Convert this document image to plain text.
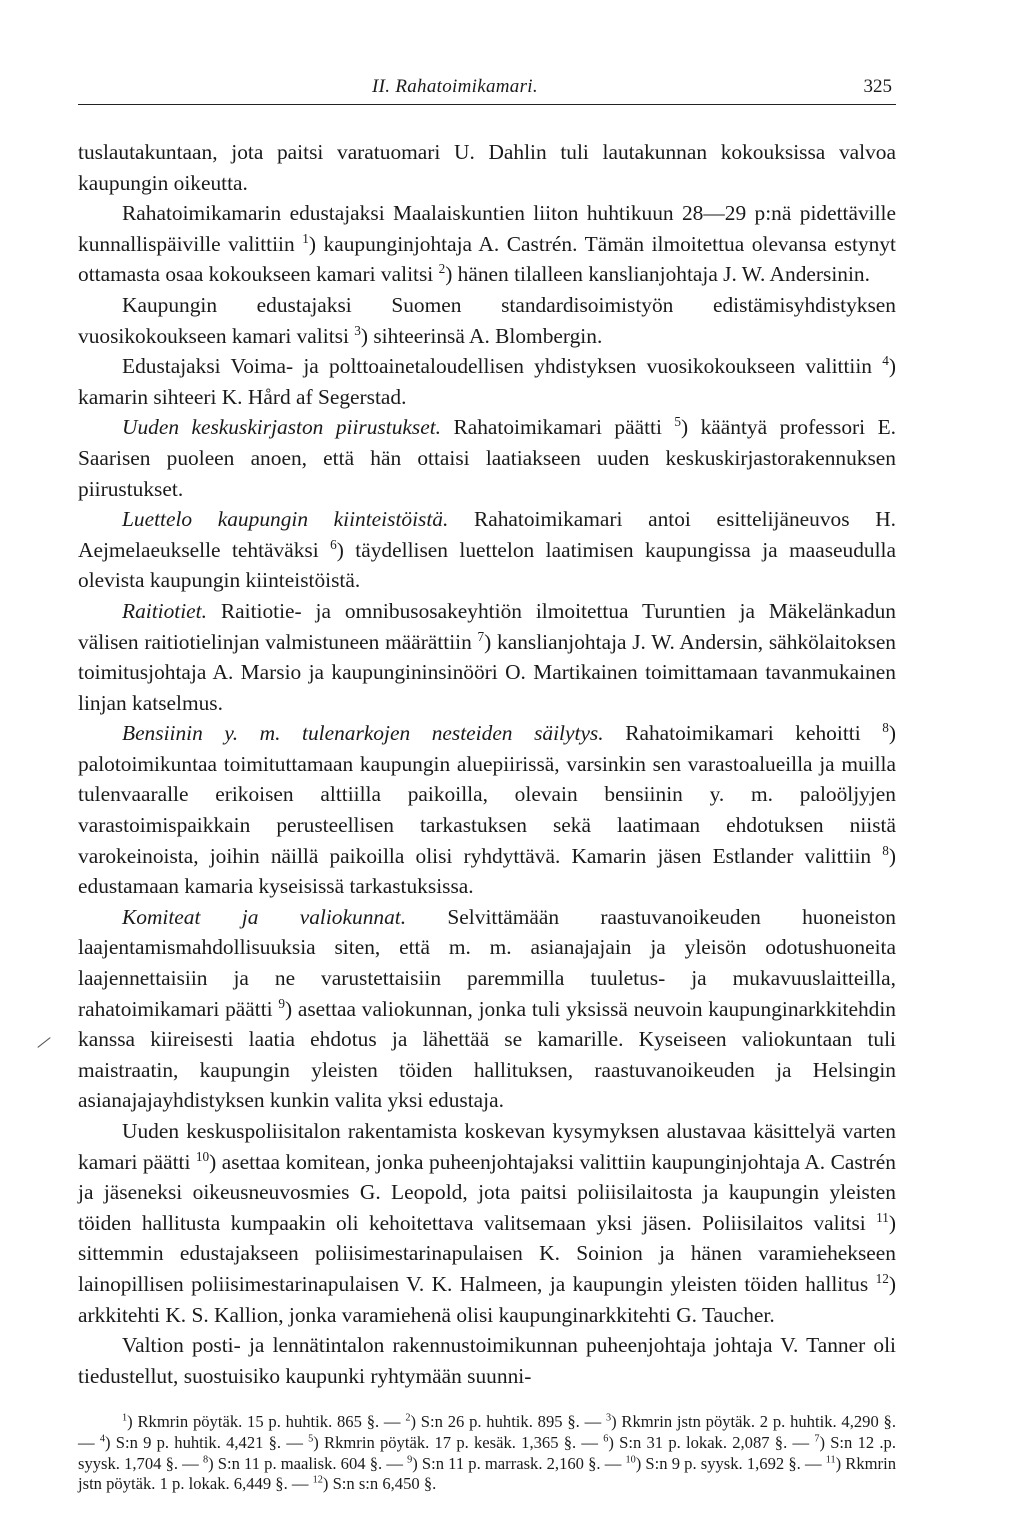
II. Rahatoimikamari.	325

tuslautakuntaan, jota paitsi varatuomari U. Dahlin tuli lautakunnan kokouksissa valvoa kaupungin oikeutta.

Rahatoimikamarin edustajaksi Maalaiskuntien liiton huhtikuun 28—29 p:nä pidettäville kunnallispäiville valittiin $^1$) kaupunginjohtaja A. Castrén. Tämän ilmoitettua olevansa estynyt ottamasta osaa kokoukseen kamari valitsi $^2$) hänen tilalleen kanslianjohtaja J. W. Andersinin.

Kaupungin edustajaksi Suomen standardisoimistyön edistämisyhdistyksen vuosikokoukseen kamari valitsi $^3$) sihteerinsä A. Blombergin.

Edustajaksi Voima- ja polttoainetaloudellisen yhdistyksen vuosikokoukseen valittiin $^4$) kamarin sihteeri K. Hård af Segerstad.

Uuden keskuskirjaston piirustukset. Rahatoimikamari päätti $^5$) kääntyä professori E. Saarisen puoleen anoen, että hän ottaisi laatiakseen uuden keskuskirjastorakennuksen piirustukset.

Luettelo kaupungin kiinteistöistä. Rahatoimikamari antoi esittelijäneuvos H. Aejmelaeukselle tehtäväksi $^6$) täydellisen luettelon laatimisen kaupungissa ja maaseudulla olevista kaupungin kiinteistöistä.

Raitiotiet. Raitiotie- ja omnibusosakeyhtiön ilmoitettua Turuntien ja Mäkelänkadun välisen raitiotielinjan valmistuneen määrättiin $^7$) kanslianjohtaja J. W. Andersin, sähkölaitoksen toimitusjohtaja A. Marsio ja kaupungininsinööri O. Martikainen toimittamaan tavanmukainen linjan katselmus.

Bensiinin y. m. tulenarkojen nesteiden säilytys. Rahatoimikamari kehoitti $^8$) palotoimikuntaa toimituttamaan kaupungin aluepiirissä, varsinkin sen varastoalueilla ja muilla tulenvaaralle erikoisen alttiilla paikoilla, olevain bensiinin y. m. paloöljyjen varastoimispaikkain perusteellisen tarkastuksen sekä laatimaan ehdotuksen niistä varokeinoista, joihin näillä paikoilla olisi ryhdyttävä. Kamarin jäsen Estlander valittiin $^8$) edustamaan kamaria kyseisissä tarkastuksissa.

Komiteat ja valiokunnat. Selvittämään raastuvanoikeuden huoneiston laajentamismahdollisuuksia siten, että m. m. asianajajain ja yleisön odotushuoneita laajennettaisiin ja ne varustettaisiin paremmilla tuuletus- ja mukavuuslaitteilla, rahatoimikamari päätti $^9$) asettaa valiokunnan, jonka tuli yksissä neuvoin kaupunginarkkitehdin kanssa kiireisesti laatia ehdotus ja lähettää se kamarille. Kyseiseen valiokuntaan tuli maistraatin, kaupungin yleisten töiden hallituksen, raastuvanoikeuden ja Helsingin asianajajayhdistyksen kunkin valita yksi edustaja.

Uuden keskuspoliisitalon rakentamista koskevan kysymyksen alustavaa käsittelyä varten kamari päätti $^{10}$) asettaa komitean, jonka puheenjohtajaksi valittiin kaupunginjohtaja A. Castrén ja jäseneksi oikeusneuvosmies G. Leopold, jota paitsi poliisilaitosta ja kaupungin yleisten töiden hallitusta kumpaakin oli kehoitettava valitsemaan yksi jäsen. Poliisilaitos valitsi $^{11}$) sittemmin edustajakseen poliisimestarinapulaisen K. Soinion ja hänen varamiehekseen lainopillisen poliisimestarinapulaisen V. K. Halmeen, ja kaupungin yleisten töiden hallitus $^{12}$) arkkitehti K. S. Kallion, jonka varamiehenä olisi kaupunginarkkitehti G. Taucher.

Valtion posti- ja lennätintalon rakennustoimikunnan puheenjohtaja johtaja V. Tanner oli tiedustellut, suostuisiko kaupunki ryhtymään suunni-

$^1$) Rkmrin pöytäk. 15 p. huhtik. 865 §. — $^2$) S:n 26 p. huhtik. 895 §. — $^3$) Rkmrin jstn pöytäk. 2 p. huhtik. 4,290 §. — $^4$) S:n 9 p. huhtik. 4,421 §. — $^5$) Rkmrin pöytäk. 17 p. kesäk. 1,365 §. — $^6$) S:n 31 p. lokak. 2,087 §. — $^7$) S:n 12 .p. syysk. 1,704 §. — $^8$) S:n 11 p. maalisk. 604 §. — $^9$) S:n 11 p. marrask. 2,160 §. — $^{10}$) S:n 9 p. syysk. 1,692 §. — $^{11}$) Rkmrin jstn pöytäk. 1 p. lokak. 6,449 §. — $^{12}$) S:n s:n 6,450 §.
